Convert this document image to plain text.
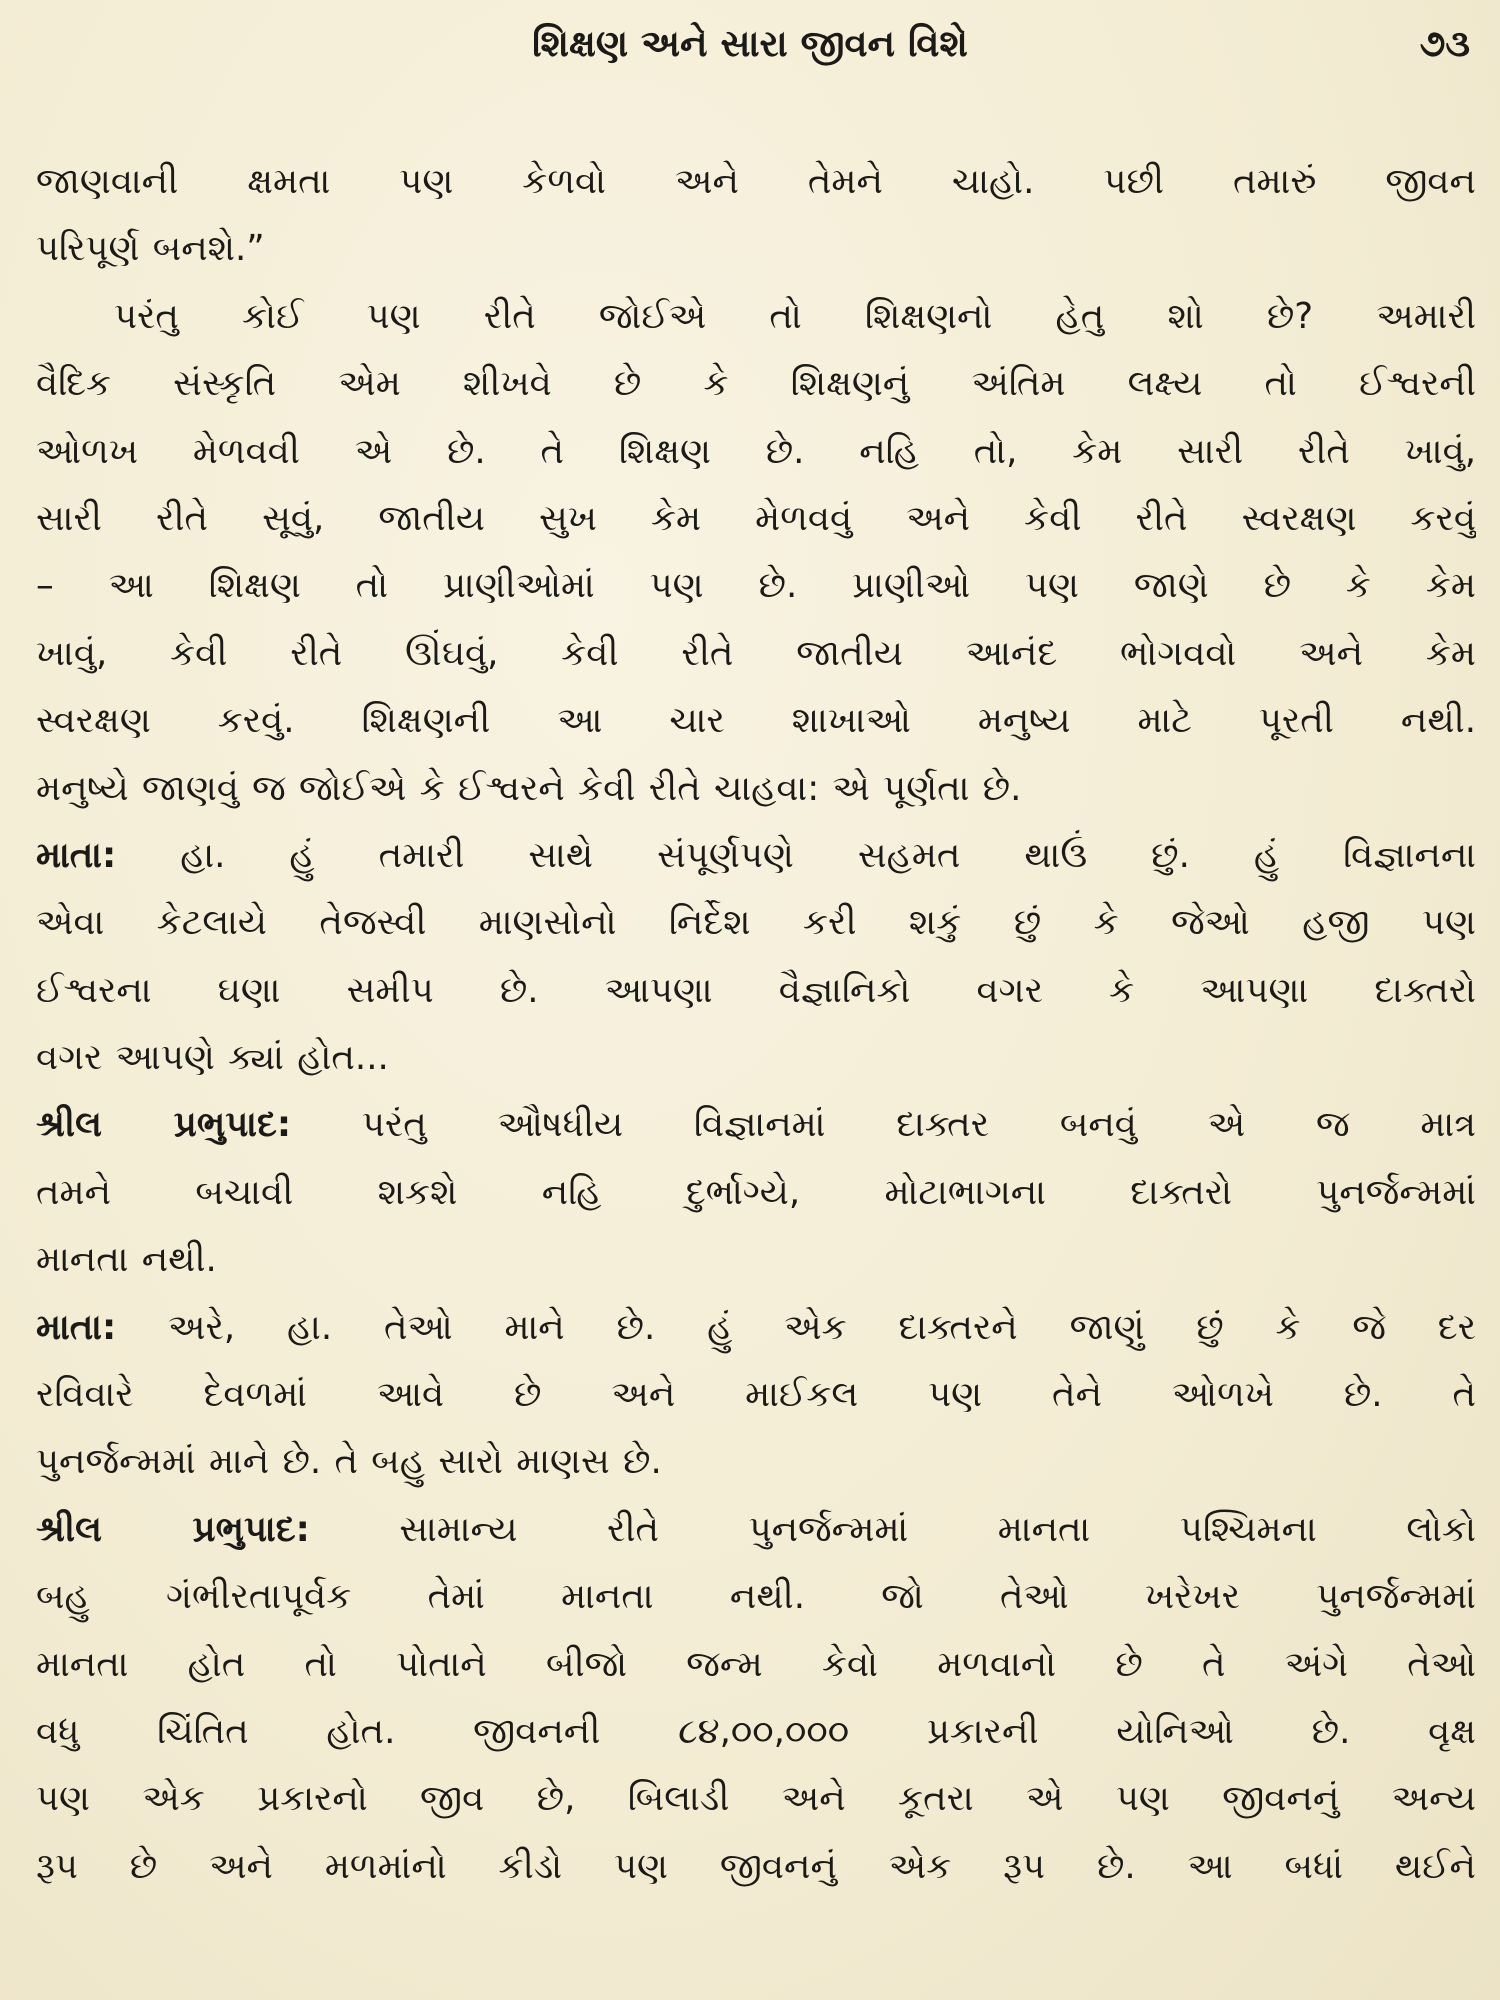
શિક્ષણ અને સારા જીવન વિશે	૭૩
જાણવાની ક્ષમતા પણ કેળવો અને તેમને ચાહો. પછી તમારું જીવન
પરિપૂર્ણ બનશે.”
પરંતુ કોઈ પણ રીતે જોઈએ તો શિક્ષણનો હેતુ શો છે? અમારી
વૈદિક સંસ્કૃતિ એમ શીખવે છે કે શિક્ષણનું અંતિમ લક્ષ્ય તો ઈશ્વરની
ઓળખ મેળવવી એ છે. તે શિક્ષણ છે. નહિ તો, કેમ સારી રીતે ખાવું,
સારી રીતે સૂવું, જાતીય સુખ કેમ મેળવવું અને કેવી રીતે સ્વરક્ષણ કરવું
– આ શિક્ષણ તો પ્રાણીઓમાં પણ છે. પ્રાણીઓ પણ જાણે છે કે કેમ
ખાવું, કેવી રીતે ઊંઘવું, કેવી રીતે જાતીય આનંદ ભોગવવો અને કેમ
સ્વરક્ષણ કરવું. શિક્ષણની આ ચાર શાખાઓ મનુષ્ય માટે પૂરતી નથી.
મનુષ્યે જાણવું જ જોઈએ કે ઈશ્વરને કેવી રીતે ચાહવા: એ પૂર્ણતા છે.
માતા: હા. હું તમારી સાથે સંપૂર્ણપણે સહમત થાઉં છું. હું વિજ્ઞાનના
એવા કેટલાયે તેજસ્વી માણસોનો નિર્દેશ કરી શકું છું કે જેઓ હજી પણ
ઈશ્વરના ઘણા સમીપ છે. આપણા વૈજ્ઞાનિકો વગર કે આપણા દાક્તરો
વગર આપણે ક્યાં હોત...
શ્રીલ પ્રભુપાદ: પરંતુ ઔષધીય વિજ્ઞાનમાં દાક્તર બનવું એ જ માત્ર
તમને બચાવી શકશે નહિ દુર્ભાગ્યે, મોટાભાગના દાક્તરો પુનર્જન્મમાં
માનતા નથી.
માતા: અરે, હા. તેઓ માને છે. હું એક દાક્તરને જાણું છું કે જે દર
રવિવારે દેવળમાં આવે છે અને માઈકલ પણ તેને ઓળખે છે. તે
પુનર્જન્મમાં માને છે. તે બહુ સારો માણસ છે.
શ્રીલ પ્રભુપાદ:	સામાન્ય રીતે પુનર્જન્મમાં માનતા પશ્ચિમના લોકો
બહુ ગંભીરતાપૂર્વક તેમાં માનતા નથી. જો તેઓ ખરેખર પુનર્જન્મમાં
માનતા હોત તો પોતાને બીજો જન્મ કેવો મળવાનો છે તે અંગે તેઓ
વધુ ચિંતિત હોત. જીવનની ૮૪,૦૦,૦૦૦ પ્રકારની યોનિઓ છે. વૃક્ષ
પણ એક પ્રકારનો જીવ છે, બિલાડી અને કૂતરા એ પણ જીવનનું અન્ય
રૂપ છે અને મળમાંનો કીડો પણ જીવનનું એક રૂપ છે. આ બધાં થઈને
